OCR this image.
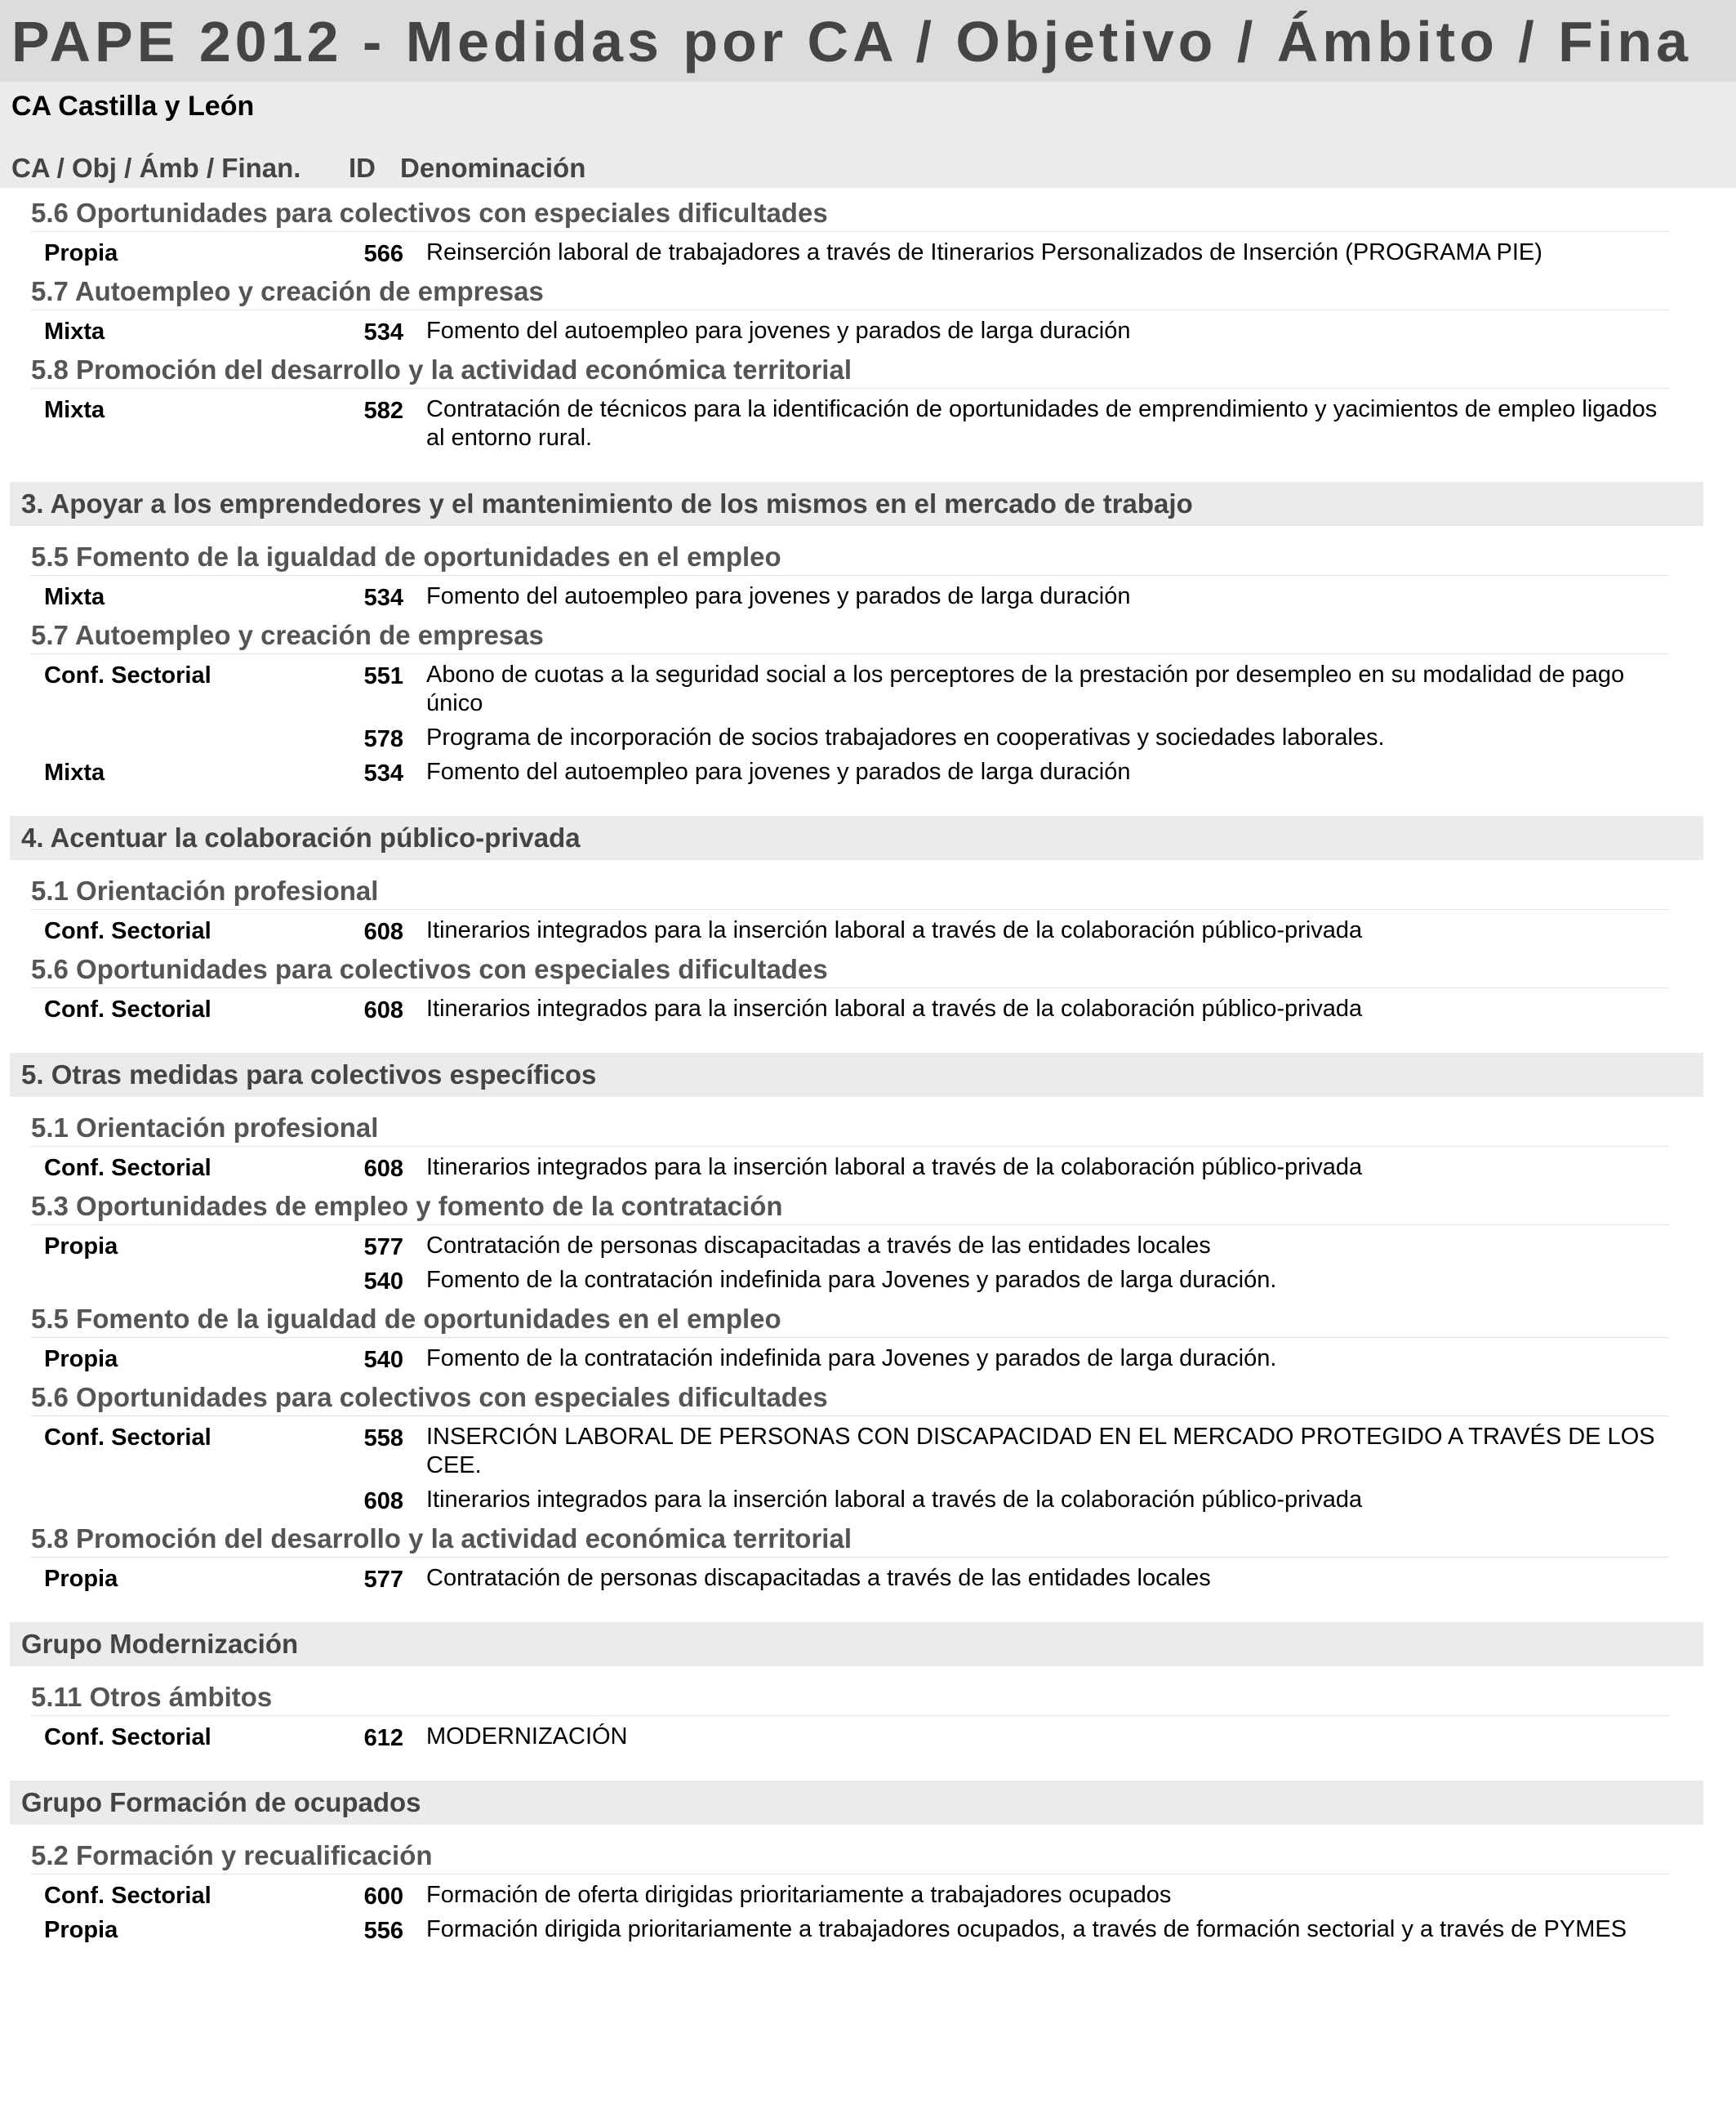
PAPE 2012 - Medidas por CA / Objetivo / Ámbito / Fina
CA Castilla y León
CA / Obj / Ámb / Finan. ID Denominación
5.6 Oportunidades para colectivos con especiales dificultades
Propia	566 Reinserción laboral de trabajadores a través de Itinerarios Personalizados de Inserción (PROGRAMA PIE)
5.7 Autoempleo y creación de empresas
Mixta	534 Fomento del autoempleo para jovenes y parados de larga duración
5.8 Promoción del desarrollo y la actividad económica territorial
Mixta	582 Contratación de técnicos para la identificación de oportunidades de emprendimiento y yacimientos de empleo ligados al entorno rural.
3. Apoyar a los emprendedores y el mantenimiento de los mismos en el mercado de trabajo
5.5 Fomento de la igualdad de oportunidades en el empleo
Mixta	534 Fomento del autoempleo para jovenes y parados de larga duración
5.7 Autoempleo y creación de empresas
Conf. Sectorial	551 Abono de cuotas a la seguridad social a los perceptores de la prestación por desempleo en su modalidad de pago único
578 Programa de incorporación de socios trabajadores en cooperativas y sociedades laborales.
Mixta	534 Fomento del autoempleo para jovenes y parados de larga duración
4. Acentuar la colaboración público-privada
5.1 Orientación profesional
Conf. Sectorial	608 Itinerarios integrados para la inserción laboral a través de la colaboración público-privada
5.6 Oportunidades para colectivos con especiales dificultades
Conf. Sectorial	608 Itinerarios integrados para la inserción laboral a través de la colaboración público-privada
5. Otras medidas para colectivos específicos
5.1 Orientación profesional
Conf. Sectorial	608 Itinerarios integrados para la inserción laboral a través de la colaboración público-privada
5.3 Oportunidades de empleo y fomento de la contratación
Propia	577 Contratación de personas discapacitadas a través de las entidades locales
540 Fomento de la contratación indefinida para Jovenes y parados de larga duración.
5.5 Fomento de la igualdad de oportunidades en el empleo
Propia	540 Fomento de la contratación indefinida para Jovenes y parados de larga duración.
5.6 Oportunidades para colectivos con especiales dificultades
Conf. Sectorial	558 INSERCIÓN LABORAL DE PERSONAS CON DISCAPACIDAD EN EL MERCADO PROTEGIDO A TRAVÉS DE LOS CEE.
608 Itinerarios integrados para la inserción laboral a través de la colaboración público-privada
5.8 Promoción del desarrollo y la actividad económica territorial
Propia	577 Contratación de personas discapacitadas a través de las entidades locales
Grupo Modernización
5.11 Otros ámbitos
Conf. Sectorial	612 MODERNIZACIÓN
Grupo Formación de ocupados
5.2 Formación y recualificación
Conf. Sectorial	600 Formación de oferta dirigidas prioritariamente a trabajadores ocupados
Propia	556 Formación dirigida prioritariamente a trabajadores ocupados, a través de formación sectorial y a través de PYMES
